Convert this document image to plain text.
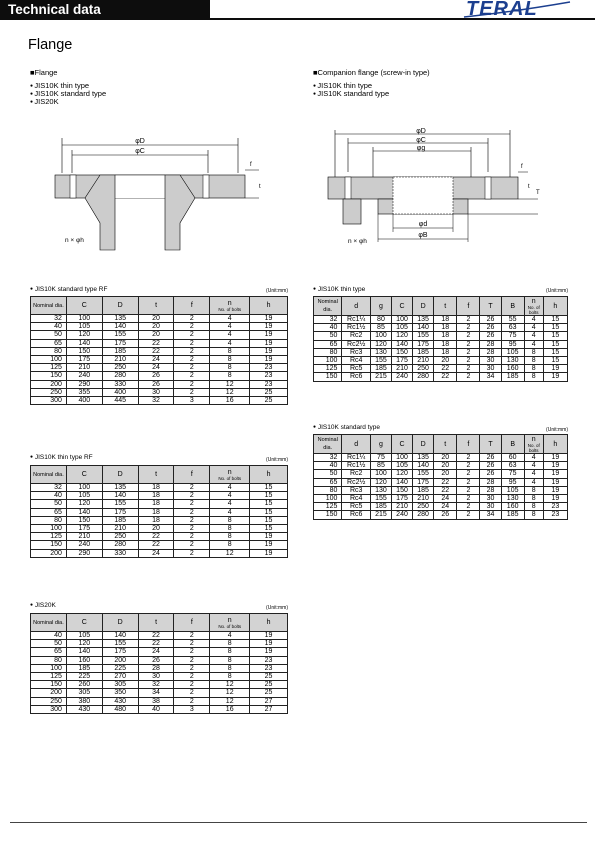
Technical data	TERAL
Flange
■Flange
● JIS10K thin type
● JIS10K standard type
● JIS20K
■Companion flange (screw-in type)
● JIS10K thin type
● JIS10K standard type
φD
φC
f
t
n × φh
φD
φC
φg
φd
φB
f
t
T
n × φh
● JIS10K standard type RF	(Unit:mm)
● JIS10K thin type RF	(Unit:mm)
● JIS20K	(Unit:mm)
● JIS10K thin type	(Unit:mm)
● JIS10K standard type	(Unit:mm)
Nominal dia.	C	D	t	f	n
No. of bolts	h
32	100	135	20	2	4	19
40	105	140	20	2	4	19
50	120	155	20	2	4	19
65	140	175	22	2	4	19
80	150	185	22	2	8	19
100	175	210	24	2	8	19
125	210	250	24	2	8	23
150	240	280	26	2	8	23
200	290	330	26	2	12	23
250	355	400	30	2	12	25
300	400	445	32	3	16	25
Nominal dia.	C	D	t	f	n
No. of bolts	h
32	100	135	18	2	4	15
40	105	140	18	2	4	15
50	120	155	18	2	4	15
65	140	175	18	2	4	15
80	150	185	18	2	8	15
100	175	210	20	2	8	15
125	210	250	22	2	8	19
150	240	280	22	2	8	19
200	290	330	24	2	12	19
Nominal dia.	C	D	t	f	n
No. of bolts	h
40	105	140	22	2	4	19
50	120	155	22	2	8	19
65	140	175	24	2	8	19
80	160	200	26	2	8	23
100	185	225	28	2	8	23
125	225	270	30	2	8	25
150	260	305	32	2	12	25
200	305	350	34	2	12	25
250	380	430	38	2	12	27
300	430	480	40	3	16	27
Nominal dia.	d	g	C	D	t	f	T	B	n
No. of bolts	h
32	Rc1¼	80	100	135	18	2	26	55	4	15
40	Rc1½	85	105	140	18	2	26	63	4	15
50	Rc2	100	120	155	18	2	26	75	4	15
65	Rc2½	120	140	175	18	2	28	95	4	15
80	Rc3	130	150	185	18	2	28	105	8	15
100	Rc4	155	175	210	20	2	30	130	8	15
125	Rc5	185	210	250	22	2	30	160	8	19
150	Rc6	215	240	280	22	2	34	185	8	19
Nominal dia.	d	g	C	D	t	f	T	B	n
No. of bolts	h
32	Rc1¼	75	100	135	20	2	26	60	4	19
40	Rc1½	85	105	140	20	2	26	63	4	19
50	Rc2	100	120	155	20	2	26	75	4	19
65	Rc2½	120	140	175	22	2	28	95	4	19
80	Rc3	130	150	185	22	2	28	105	8	19
100	Rc4	155	175	210	24	2	30	130	8	19
125	Rc5	185	210	250	24	2	30	160	8	23
150	Rc6	215	240	280	26	2	34	185	8	23
